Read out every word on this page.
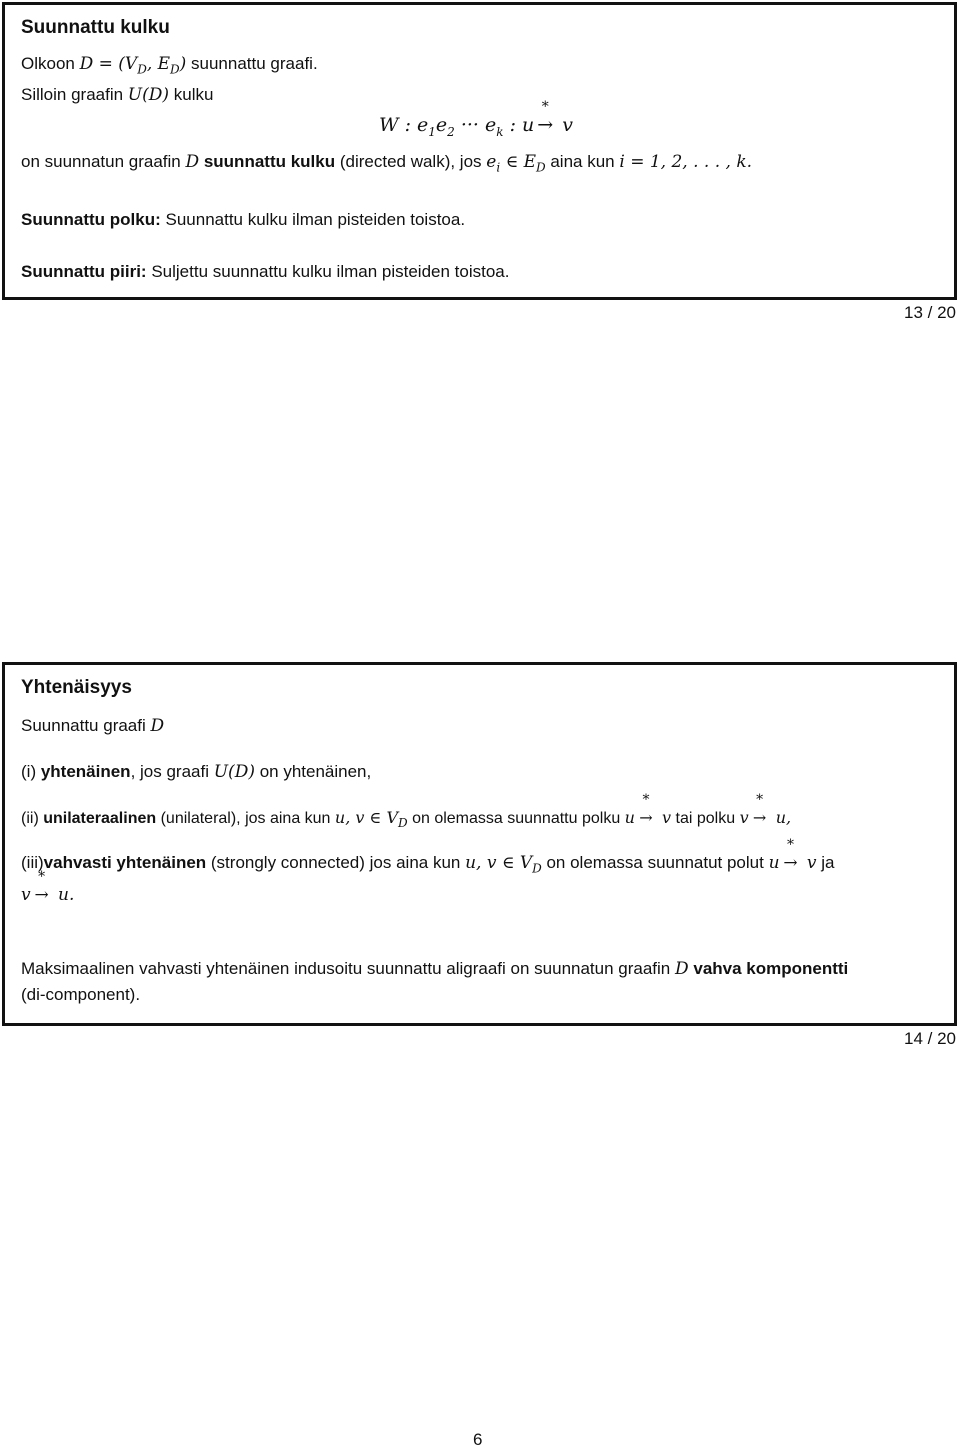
Suunnattu kulku

Olkoon $D = (V_D$, $E_D$) suunnattu graafi.

Silloin graafin U(D) kulku

W : $e_1e_2$ ··· $e_k$ : u
*
→ v

on suunnatun graafin D suunnattu kulku (directed walk), jos $e_i$ ∈ $E_D$ aina kun i = 1, 2, . . . , k.

Suunnattu polku: Suunnattu kulku ilman pisteiden toistoa.

Suunnattu piiri: Suljettu suunnattu kulku ilman pisteiden toistoa.

13 / 20

Yhtenäisyys

Suunnattu graafi D

(i) yhtenäinen, jos graafi U(D) on yhtenäinen,

(ii) unilateraalinen (unilateral), jos aina kun u, v ∈ $V_D$ on olemassa suunnattu polku u
*
→ v tai polku v
*
→ u,

(iii)vahvasti yhtenäinen (strongly connected) jos aina kun u, v ∈ $V_D$ on olemassa suunnatut polut u
*
→ v ja

v
*
→ u.

Maksimaalinen vahvasti yhtenäinen indusoitu suunnattu aligraafi on suunnatun graafin D vahva komponentti

(di-component).

14 / 20
6
